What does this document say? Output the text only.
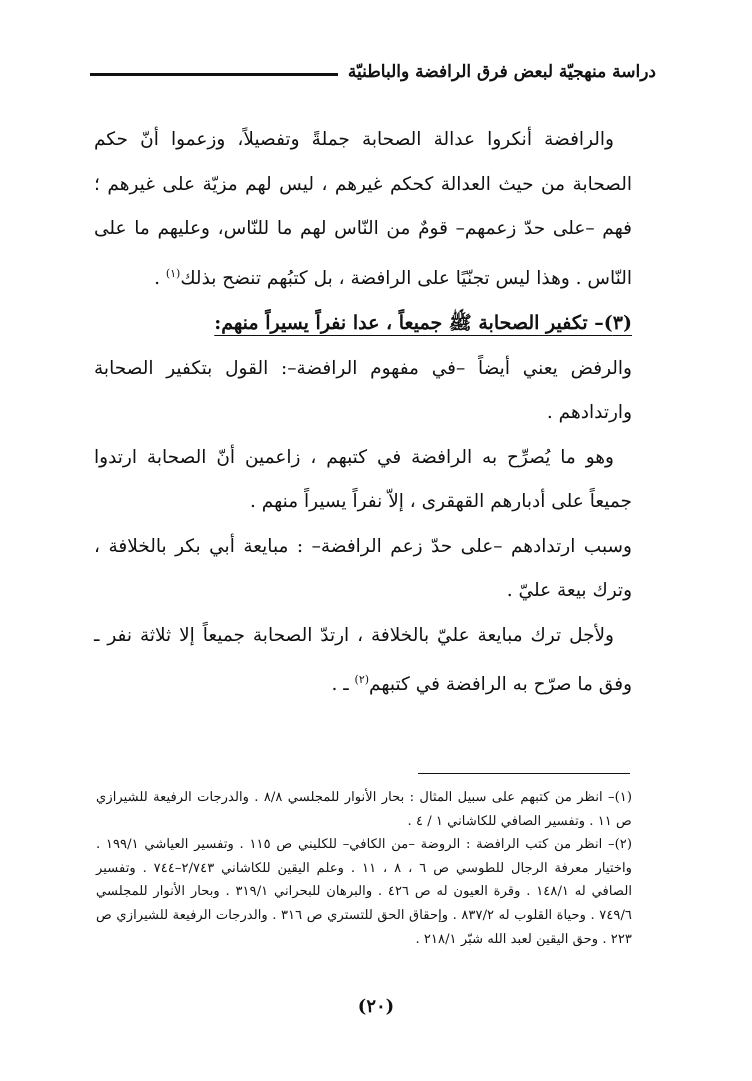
دراسة منهجيّة لبعض فرق الرافضة والباطنيّة

والرافضة أنكروا عدالة الصحابة جملةً وتفصيلاً، وزعموا أنّ حكم الصحابة من حيث العدالة كحكم غيرهم ، ليس لهم مزيّة على غيرهم ؛ فهم –على حدّ زعمهم– قومٌ من النّاس لهم ما للنّاس، وعليهم ما على النّاس . وهذا ليس تجنّيًا على الرافضة ، بل كتبُهم تنضح بذلك$^{(١)}$ .

(٣)– تكفير الصحابة ﷺ جميعاً ، عدا نفراً يسيراً منهم:

والرفض يعني أيضاً –في مفهوم الرافضة–: القول بتكفير الصحابة وارتدادهم .

وهو ما يُصرِّح به الرافضة في كتبهم ، زاعمين أنّ الصحابة ارتدوا جميعاً على أدبارهم القهقرى ، إلاّ نفراً يسيراً منهم .

وسبب ارتدادهم –على حدّ زعم الرافضة– : مبايعة أبي بكر بالخلافة ، وترك بيعة عليّ .

ولأجل ترك مبايعة عليّ بالخلافة ، ارتدّ الصحابة جميعاً إلا ثلاثة نفر ـ وفق ما صرّح به الرافضة في كتبهم$^{(٢)}$ ـ .

(١)– انظر من كتبهم على سبيل المثال : بحار الأنوار للمجلسي ٨/٨ . والدرجات الرفيعة للشيرازي ص ١١ . وتفسير الصافي للكاشاني ١ / ٤ .

(٢)– انظر من كتب الرافضة : الروضة –من الكافي– للكليني ص ١١٥ . وتفسير العياشي ١٩٩/١ . واختيار معرفة الرجال للطوسي ص ٦ ، ٨ ، ١١ . وعلم اليقين للكاشاني ٢/٧٤٣–٧٤٤ . وتفسير الصافي له ١٤٨/١ . وقرة العيون له ص ٤٢٦ . والبرهان للبحراني ٣١٩/١ . وبحار الأنوار للمجلسي ٧٤٩/٦ . وحياة القلوب له ٨٣٧/٢ . وإحقاق الحق للتستري ص ٣١٦ . والدرجات الرفيعة للشيرازي ص ٢٢٣ . وحق اليقين لعبد الله شبّر ٢١٨/١ .

(٢٠)
